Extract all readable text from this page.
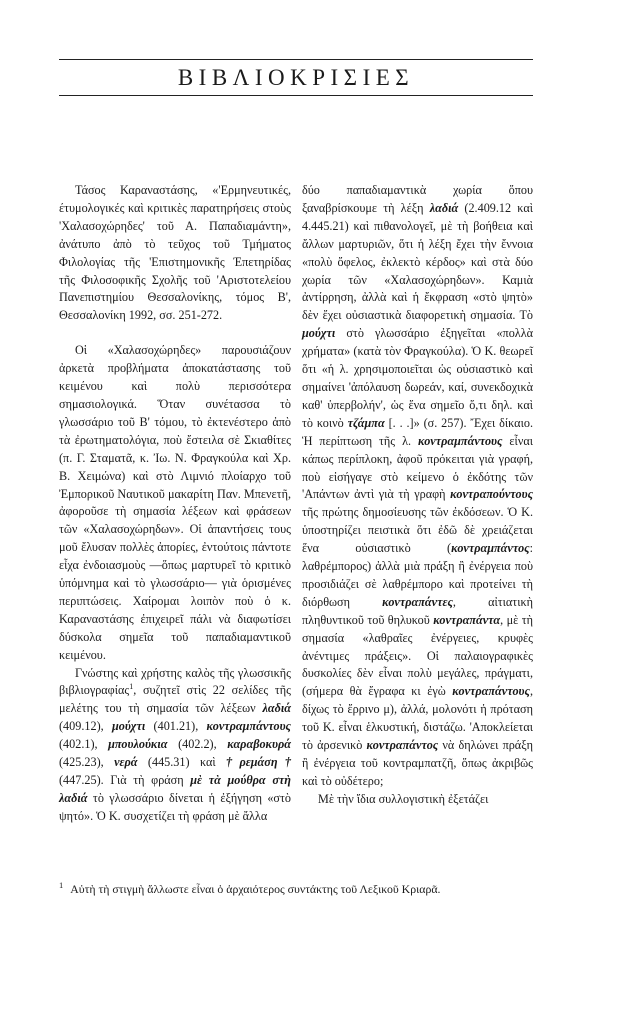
ΒΙΒΛΙΟΚΡΙΣΙΕΣ

Τάσος Καραναστάσης, «'Ερμηνευτικές, έτυμολογικές καὶ κριτικὲς παρατηρήσεις στοὺς 'Χαλασοχώρηδες' τοῦ Α. Παπαδιαμάντη», ἀνάτυπο ἀπὸ τὸ τεῦχος τοῦ Τμήματος Φιλολογίας τῆς 'Επιστημονικῆς Έπετηρίδας τῆς Φιλοσοφικῆς Σχολῆς τοῦ 'Αριστοτελείου Πανεπιστημίου Θεσσαλονίκης, τόμος Β', Θεσσαλονίκη 1992, σσ. 251-272.

Οἱ «Χαλασοχώρηδες» παρουσιάζουν ἀρκετὰ προβλήματα ἀποκατάστασης τοῦ κειμένου καὶ πολὺ περισσότερα σημασιολογικά. Ὅταν συνέτασσα τὸ γλωσσάριο τοῦ Β' τόμου, τὸ ἐκτενέστερο ἀπὸ τὰ ἐρωτηματολόγια, ποὺ ἔστειλα σὲ Σκιαθίτες (π. Γ. Σταματᾶ, κ. Ἰω. Ν. Φραγκούλα καὶ Χρ. Β. Χειμώνα) καὶ στὸ Λιμνιό πλοίαρχο τοῦ Ἐμπορικοῦ Ναυτικοῦ μακαρίτη Παν. Μπενετῆ, ἀφοροῦσε τὴ σημασία λέξεων καὶ φράσεων τῶν «Χαλασοχώρηδων». Οἱ ἀπαντήσεις τους μοῦ ἔλυσαν πολλὲς ἀπορίες, ἐντούτοις πάντοτε εἶχα ἐνδοιασμοὺς —ὅπως μαρτυρεῖ τὸ κριτικὸ ὑπόμνημα καὶ τὸ γλωσσάριο— γιὰ ὁρισμένες περιπτώσεις. Χαίρομαι λοιπὸν ποὺ ὁ κ. Καραναστάσης ἐπιχειρεῖ πάλι νὰ διαφωτίσει δύσκολα σημεῖα τοῦ παπαδιαμαντικοῦ κειμένου.

Γνώστης καὶ χρήστης καλὸς τῆς γλωσσικῆς βιβλιογραφίας$^1$, συζητεῖ στὶς 22 σελίδες τῆς μελέτης του τὴ σημασία τῶν λέξεων λαδιά (409.12), μούχτι (401.21), κοντραμπάντους (402.1), μπουλούκια (402.2), καραβοκυρά (425.23), νερά (445.31) καὶ †ρεμάση† (447.25). Γιὰ τὴ φράση μὲ τὰ μούθρα στὴ λαδιά τὸ γλωσσάριο δίνεται ἡ ἐξήγηση «στὸ ψητό». Ὁ Κ. συσχετίζει τὴ φράση μὲ ἄλλα

δύο παπαδιαμαντικὰ χωρία ὅπου ξαναβρίσκουμε τὴ λέξη λαδιά (2.409.12 καὶ 4.445.21) καὶ πιθανολογεῖ, μὲ τὴ βοήθεια καὶ ἄλλων μαρτυριῶν, ὅτι ἡ λέξη ἔχει τὴν ἔννοια «πολὺ ὄφελος, ἐκλεκτὸ κέρδος» καὶ στὰ δύο χωρία τῶν «Χαλασοχώρηδων». Καμιὰ ἀντίρρηση, ἀλλὰ καὶ ἡ ἔκφραση «στὸ ψητὸ» δὲν ἔχει οὐσιαστικὰ διαφορετικὴ σημασία. Τὸ μούχτι στὸ γλωσσάριο ἐξηγεῖται «πολλὰ χρήματα» (κατὰ τὸν Φραγκούλα). Ὁ Κ. θεωρεῖ ὅτι «ἡ λ. χρησιμοποιεῖται ὡς οὐσιαστικὸ καὶ σημαίνει 'ἀπόλαυση δωρεάν, καί, συνεκδοχικὰ καθ' ὑπερβολήν', ὡς ἕνα σημεῖο ὅ,τι δηλ. καὶ τὸ κοινὸ τζάμπα [. . .]» (σ. 257). Ἔχει δίκαιο. Ἡ περίπτωση τῆς λ. κοντραμπάντους εἶναι κάπως περίπλοκη, ἀφοῦ πρόκειται γιὰ γραφή, ποὺ εἰσήγαγε στὸ κείμενο ὁ ἐκδότης τῶν 'Απάντων ἀντὶ γιὰ τὴ γραφὴ κοντραπούντους τῆς πρώτης δημοσίευσης τῶν ἐκδόσεων. Ὁ Κ. ὑποστηρίζει πειστικὰ ὅτι ἐδῶ δὲ χρειάζεται ἕνα οὐσιαστικὸ (κοντραμπάντος: λαθρέμπορος) ἀλλὰ μιὰ πράξη ἢ ἐνέργεια ποὺ προσιδιάζει σὲ λαθρέμπορο καὶ προτείνει τὴ διόρθωση κοντραπάντες, αἰτιατικὴ πληθυντικοῦ τοῦ θηλυκοῦ κοντραπάντα, μὲ τὴ σημασία «λαθραῖες ἐνέργειες, κρυφὲς ἀνέντιμες πράξεις». Οἱ παλαιογραφικὲς δυσκολίες δὲν εἶναι πολὺ μεγάλες, πράγματι, (σήμερα θὰ ἔγραφα κι ἐγὼ κοντραπάντους, δίχως τὸ ἔρρινο μ), ἀλλά, μολονότι ἡ πρόταση τοῦ Κ. εἶναι ἑλκυστική, διστάζω. 'Αποκλείεται τὸ ἀρσενικὸ κοντραπάντος νὰ δηλώνει πράξη ἢ ἐνέργεια τοῦ κοντραμπατζῆ, ὅπως ἀκριβῶς καὶ τὸ οὐδέτερο;

Μὲ τὴν ἴδια συλλογιστικὴ ἐξετάζει

$^1$ Αὐτὴ τὴ στιγμὴ ἄλλωστε εἶναι ὁ ἀρχαιότερος συντάκτης τοῦ Λεξικοῦ Κριαρᾶ.
